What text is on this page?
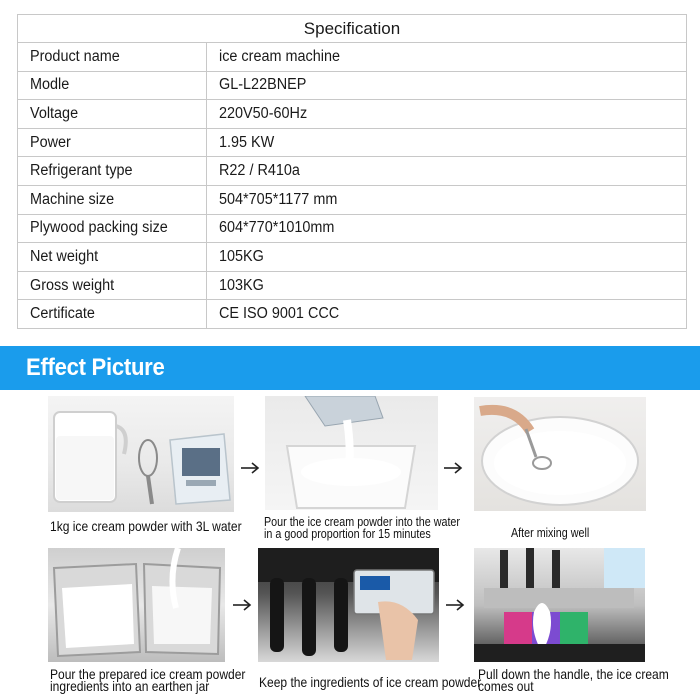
Specification	
Product name	ice cream machine
Modle	GL-L22BNEP
Voltage	220V50-60Hz
Power	1.95 KW
Refrigerant type	R22 / R410a
Machine size	504*705*1177 mm
Plywood packing size	604*770*1010mm
Net weight	105KG
Gross weight	103KG
Certificate	CE ISO 9001 CCC
Effect Picture
1kg ice cream powder with 3L water Pour the ice cream powder into the water
in a good proportion for 15 minutes	After mixing well
Pour the prepared ice cream powder
ingredients into an earthen jar	Keep the ingredients of ice cream powder
Pull down the handle, the ice cream
comes out
